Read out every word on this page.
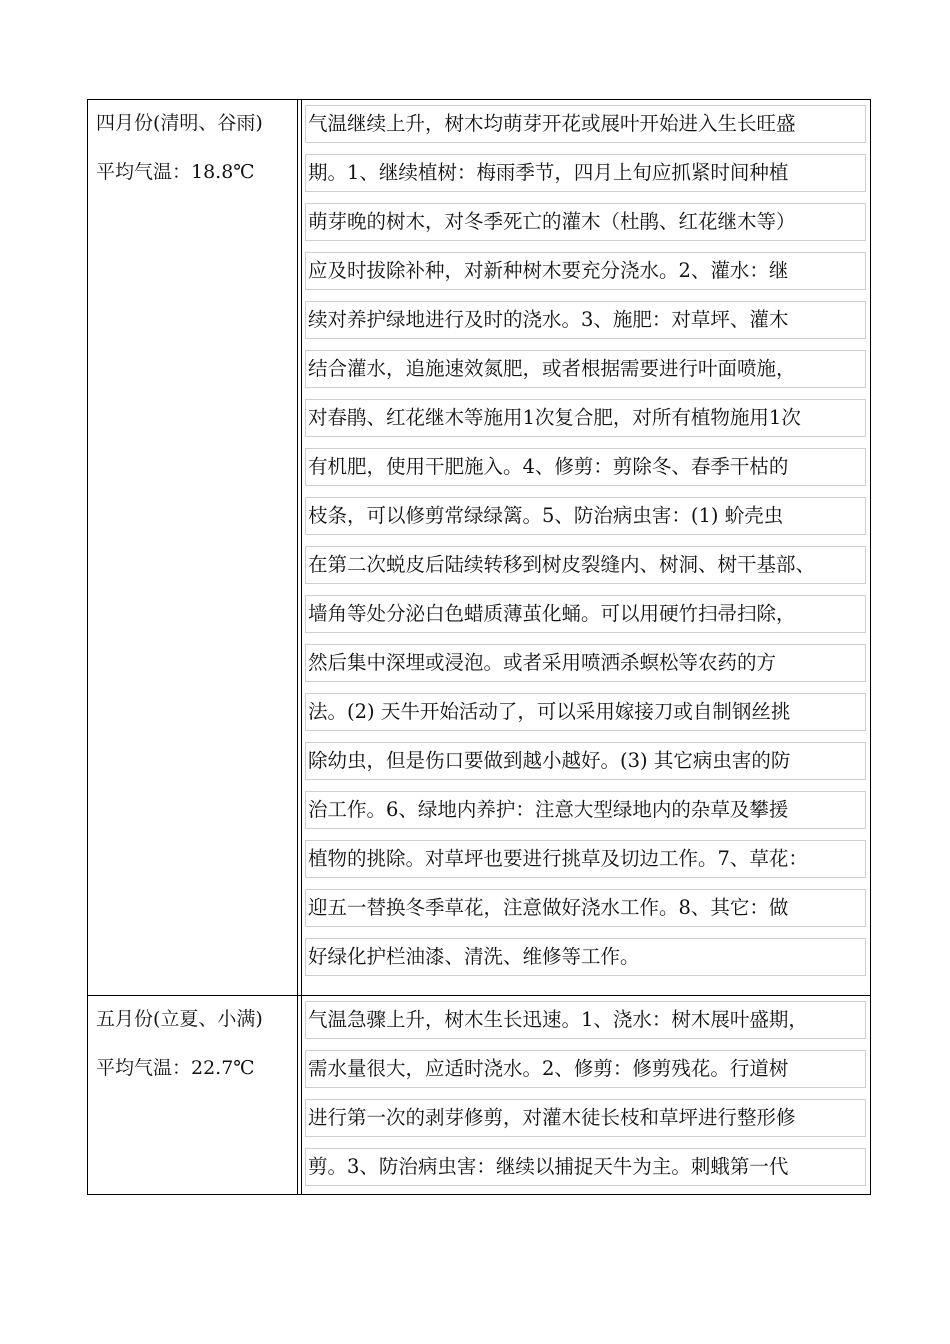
四月份(清明、谷雨)
平均气温：18.8℃
气温继续上升，树木均萌芽开花或展叶开始进入生长旺盛
期。1、继续植树：梅雨季节，四月上旬应抓紧时间种植
萌芽晚的树木，对冬季死亡的灌木（杜鹃、红花继木等）
应及时拔除补种，对新种树木要充分浇水。2、灌水：继
续对养护绿地进行及时的浇水。3、施肥：对草坪、灌木
结合灌水，追施速效氮肥，或者根据需要进行叶面喷施，
对春鹃、红花继木等施用1次复合肥，对所有植物施用1次
有机肥，使用干肥施入。4、修剪：剪除冬、春季干枯的
枝条，可以修剪常绿绿篱。5、防治病虫害：(1) 蚧壳虫
在第二次蜕皮后陆续转移到树皮裂缝内、树洞、树干基部、
墙角等处分泌白色蜡质薄茧化蛹。可以用硬竹扫帚扫除，
然后集中深埋或浸泡。或者采用喷洒杀螟松等农药的方
法。(2) 天牛开始活动了，可以采用嫁接刀或自制钢丝挑
除幼虫，但是伤口要做到越小越好。(3) 其它病虫害的防
治工作。6、绿地内养护：注意大型绿地内的杂草及攀援
植物的挑除。对草坪也要进行挑草及切边工作。7、草花：
迎五一替换冬季草花，注意做好浇水工作。8、其它：做
好绿化护栏油漆、清洗、维修等工作。
五月份(立夏、小满)
平均气温：22.7℃
气温急骤上升，树木生长迅速。1、浇水：树木展叶盛期，
需水量很大，应适时浇水。2、修剪：修剪残花。行道树
进行第一次的剥芽修剪，对灌木徒长枝和草坪进行整形修
剪。3、防治病虫害：继续以捕捉天牛为主。刺蛾第一代
